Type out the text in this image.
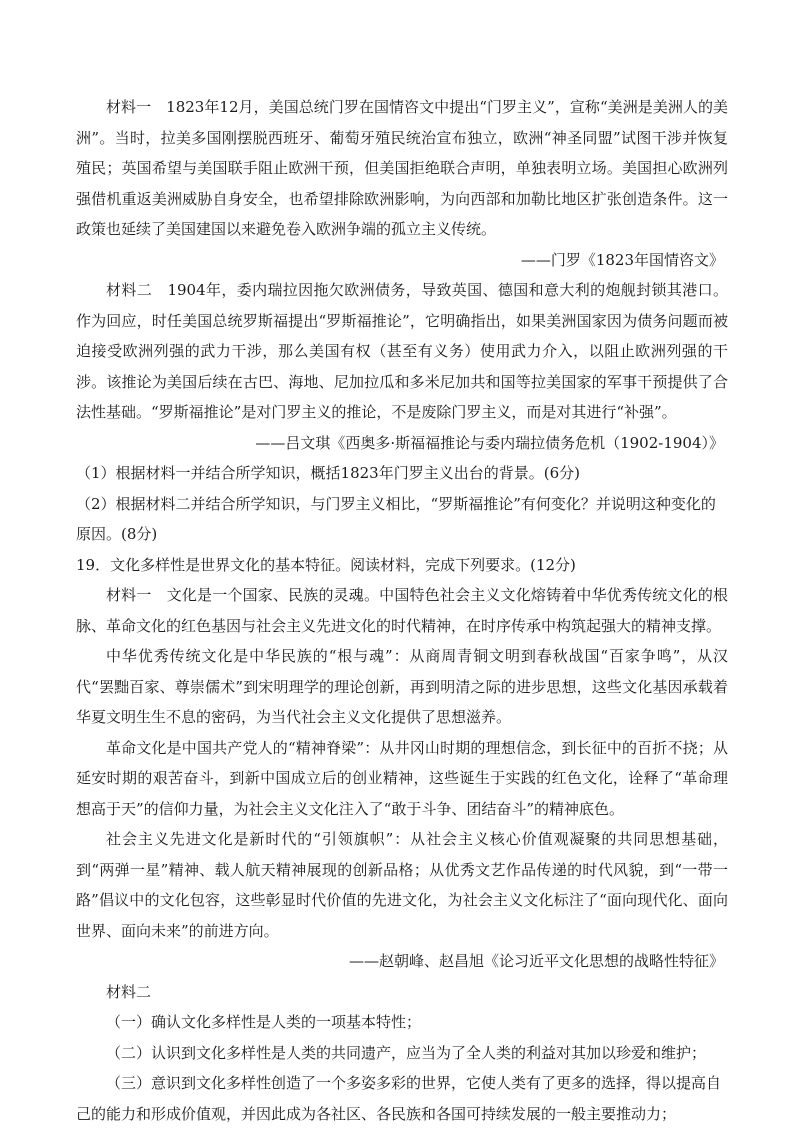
材料一　1823年12月，美国总统门罗在国情咨文中提出“门罗主义”，宣称“美洲是美洲人的美洲”。当时，拉美多国刚摆脱西班牙、葡萄牙殖民统治宣布独立，欧洲“神圣同盟”试图干涉并恢复殖民；英国希望与美国联手阻止欧洲干预，但美国拒绝联合声明，单独表明立场。美国担心欧洲列强借机重返美洲威胁自身安全，也希望排除欧洲影响，为向西部和加勒比地区扩张创造条件。这一政策也延续了美国建国以来避免卷入欧洲争端的孤立主义传统。

——门罗《1823年国情咨文》

材料二　1904年，委内瑞拉因拖欠欧洲债务，导致英国、德国和意大利的炮舰封锁其港口。作为回应，时任美国总统罗斯福提出“罗斯福推论”，它明确指出，如果美洲国家因为债务问题而被迫接受欧洲列强的武力干涉，那么美国有权（甚至有义务）使用武力介入，以阻止欧洲列强的干涉。该推论为美国后续在古巴、海地、尼加拉瓜和多米尼加共和国等拉美国家的军事干预提供了合法性基础。“罗斯福推论”是对门罗主义的推论，不是废除门罗主义，而是对其进行“补强”。

——吕文琪《西奥多·斯福福推论与委内瑞拉债务危机（1902-1904）》

（1）根据材料一并结合所学知识，概括1823年门罗主义出台的背景。(6分)

（2）根据材料二并结合所学知识，与门罗主义相比，“罗斯福推论”有何变化？并说明这种变化的原因。(8分)

19．文化多样性是世界文化的基本特征。阅读材料，完成下列要求。(12分)

材料一　文化是一个国家、民族的灵魂。中国特色社会主义文化熔铸着中华优秀传统文化的根脉、革命文化的红色基因与社会主义先进文化的时代精神，在时序传承中构筑起强大的精神支撑。

中华优秀传统文化是中华民族的“根与魂”：从商周青铜文明到春秋战国“百家争鸣”，从汉代“罢黜百家、尊崇儒术”到宋明理学的理论创新，再到明清之际的进步思想，这些文化基因承载着华夏文明生生不息的密码，为当代社会主义文化提供了思想滋养。

革命文化是中国共产党人的“精神脊梁”：从井冈山时期的理想信念，到长征中的百折不挠；从延安时期的艰苦奋斗，到新中国成立后的创业精神，这些诞生于实践的红色文化，诠释了“革命理想高于天”的信仰力量，为社会主义文化注入了“敢于斗争、团结奋斗”的精神底色。

社会主义先进文化是新时代的“引领旗帜”：从社会主义核心价值观凝聚的共同思想基础，到“两弹一星”精神、载人航天精神展现的创新品格；从优秀文艺作品传递的时代风貌，到“一带一路”倡议中的文化包容，这些彰显时代价值的先进文化，为社会主义文化标注了“面向现代化、面向世界、面向未来”的前进方向。

——赵朝峰、赵昌旭《论习近平文化思想的战略性特征》

材料二

（一）确认文化多样性是人类的一项基本特性；

（二）认识到文化多样性是人类的共同遗产，应当为了全人类的利益对其加以珍爱和维护；

（三）意识到文化多样性创造了一个多姿多彩的世界，它使人类有了更多的选择，得以提高自己的能力和形成价值观，并因此成为各社区、各民族和各国可持续发展的一般主要推动力；
